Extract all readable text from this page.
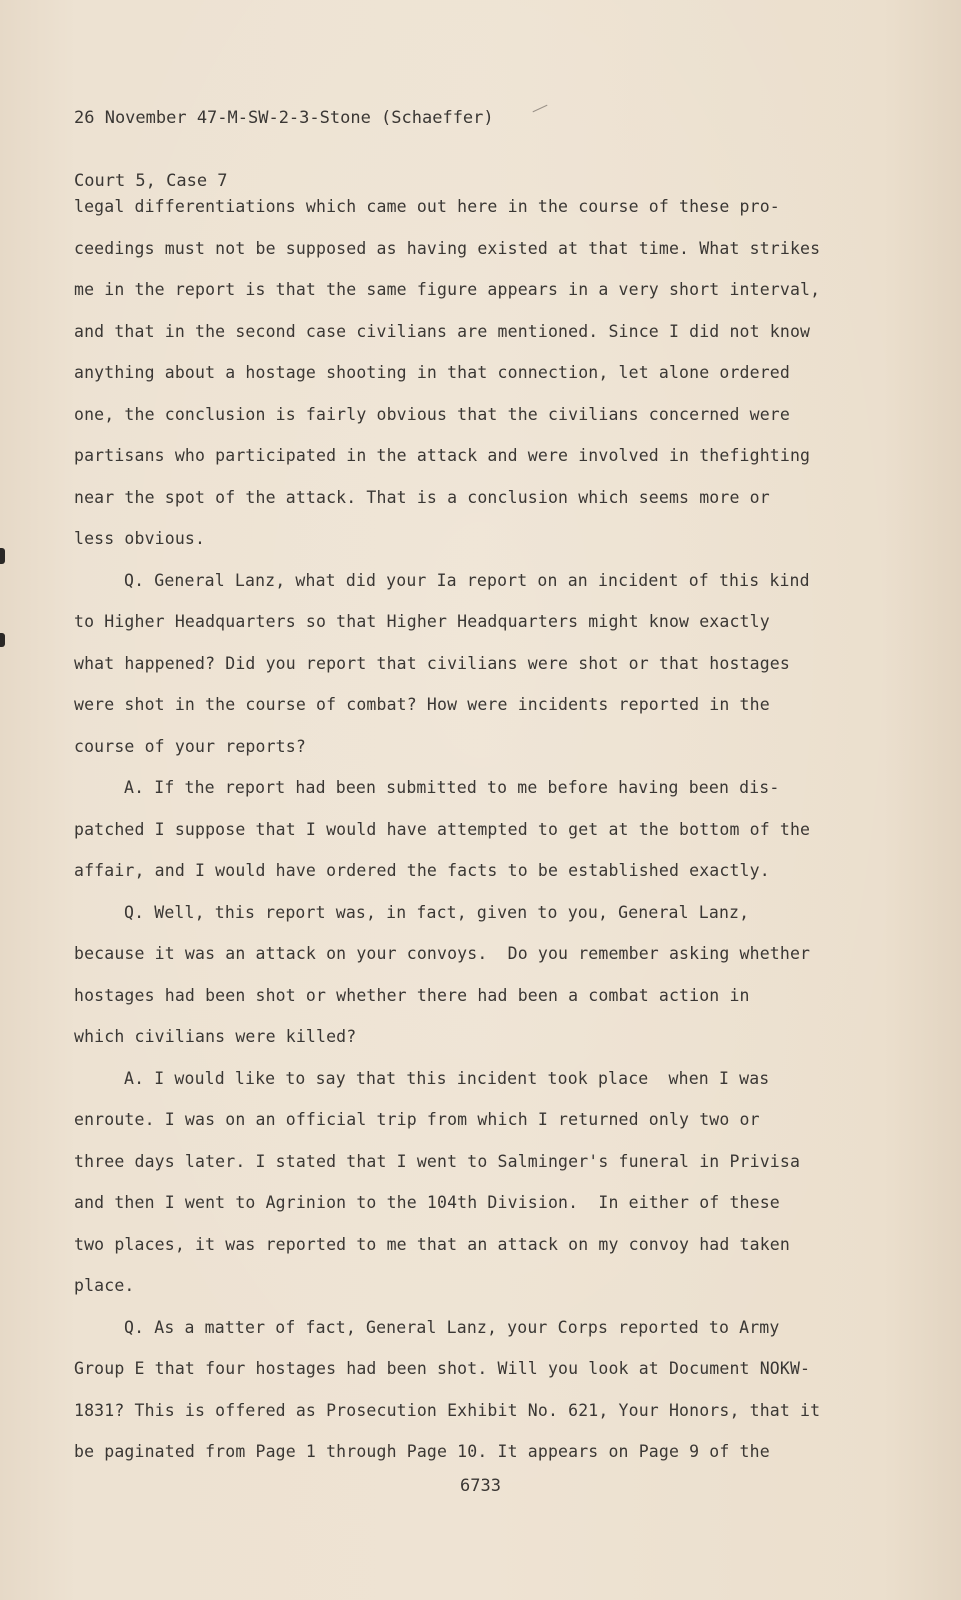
26 November 47-M-SW-2-3-Stone (Schaeffer)

Court 5, Case 7

legal differentiations which came out here in the course of these pro-
ceedings must not be supposed as having existed at that time. What strikes
me in the report is that the same figure appears in a very short interval,
and that in the second case civilians are mentioned. Since I did not know
anything about a hostage shooting in that connection, let alone ordered
one, the conclusion is fairly obvious that the civilians concerned were
partisans who participated in the attack and were involved in thefighting
near the spot of the attack. That is a conclusion which seems more or
less obvious.
Q. General Lanz, what did your Ia report on an incident of this kind
to Higher Headquarters so that Higher Headquarters might know exactly
what happened? Did you report that civilians were shot or that hostages
were shot in the course of combat? How were incidents reported in the
course of your reports?
A. If the report had been submitted to me before having been dis-
patched I suppose that I would have attempted to get at the bottom of the
affair, and I would have ordered the facts to be established exactly.
Q. Well, this report was, in fact, given to you, General Lanz,
because it was an attack on your convoys.  Do you remember asking whether
hostages had been shot or whether there had been a combat action in
which civilians were killed?
A. I would like to say that this incident took place  when I was
enroute. I was on an official trip from which I returned only two or
three days later. I stated that I went to Salminger's funeral in Privisa
and then I went to Agrinion to the 104th Division.  In either of these
two places, it was reported to me that an attack on my convoy had taken
place.
Q. As a matter of fact, General Lanz, your Corps reported to Army
Group E that four hostages had been shot. Will you look at Document NOKW-
1831? This is offered as Prosecution Exhibit No. 621, Your Honors, that it
be paginated from Page 1 through Page 10. It appears on Page 9 of the
6733
